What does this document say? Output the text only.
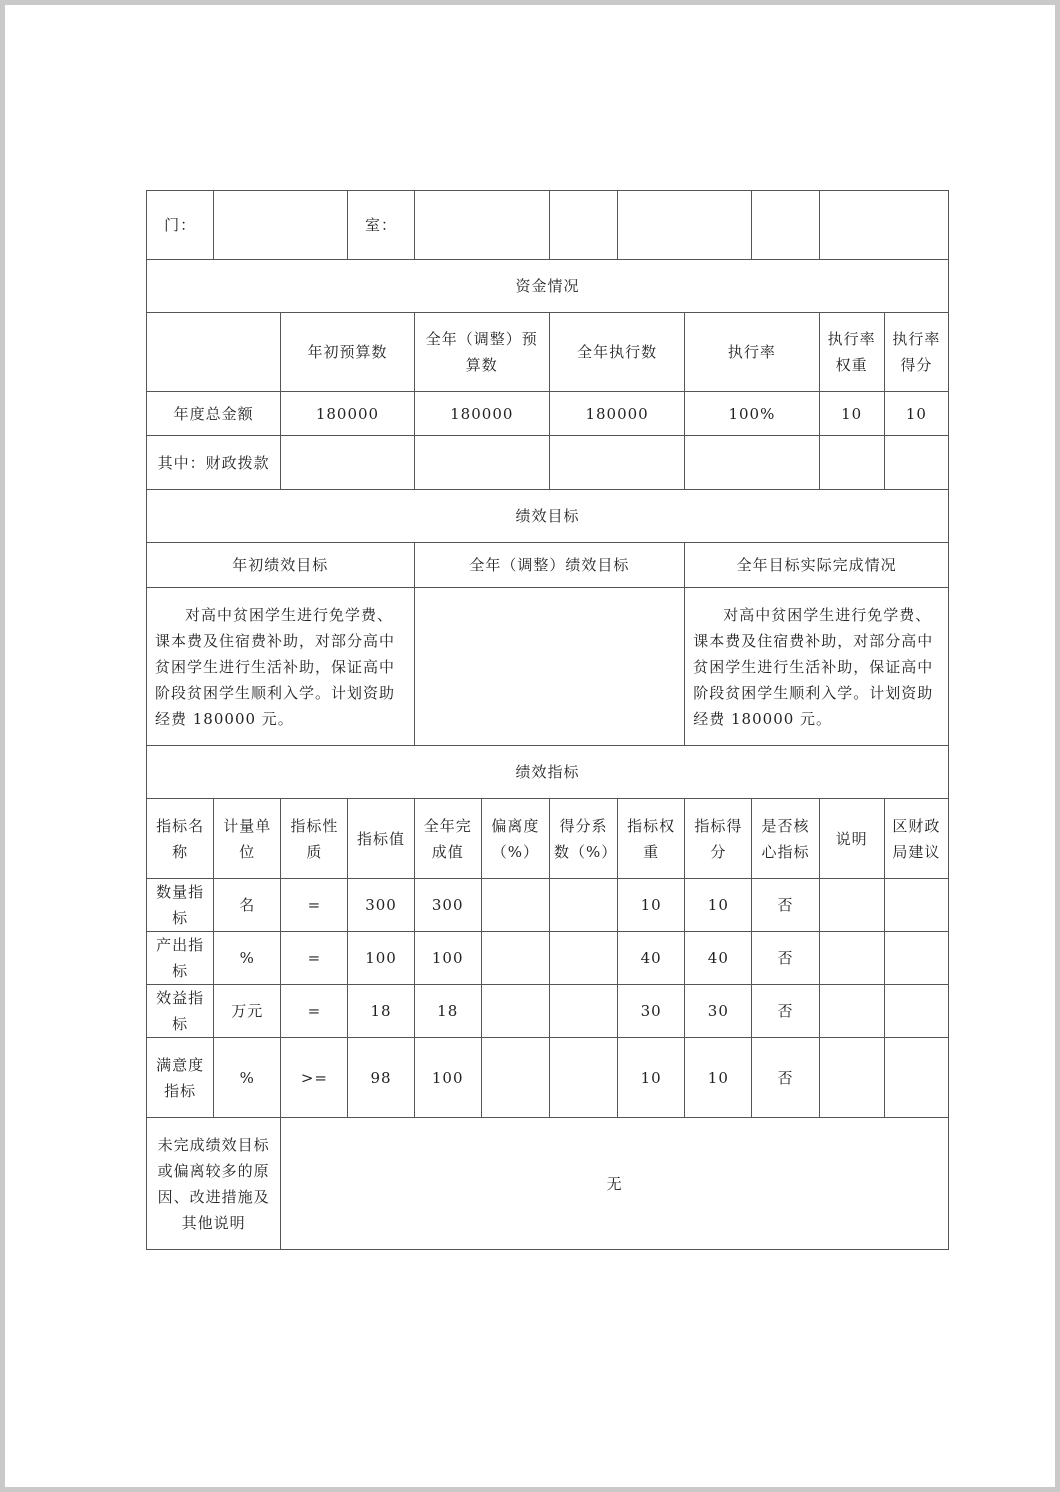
门：			室：								
资金情况											
		年初预算数		全年（调整）预算数		全年执行数		执行率		执行率权重	执行率得分
年度总金额		180000		180000		180000		100%		10	10
其中：财政拨款											
绩效目标											
年初绩效目标				全年（调整）绩效目标				全年目标实际完成情况			

对高中贫困学生进行免学费、课本费及住宿费补助，对部分高中贫困学生进行生活补助，保证高中阶段贫困学生顺利入学。计划资助经费 180000 元。								对高中贫困学生进行免学费、课本费及住宿费补助，对部分高中贫困学生进行生活补助，保证高中阶段贫困学生顺利入学。计划资助经费 180000 元。			

绩效指标											
指标名称	计量单位	指标性质	指标值	全年完成值	偏离度（%）	得分系数（%）	指标权重	指标得分	是否核心指标	说明	区财政局建议
数量指标	名	=	300	300			10	10	否		
产出指标	%	=	100	100			40	40	否		
效益指标	万元	=	18	18			30	30	否		
满意度指标	%	>=	98	100			10	10	否		
未完成绩效目标或偏离较多的原因、改进措施及其他说明		无									
